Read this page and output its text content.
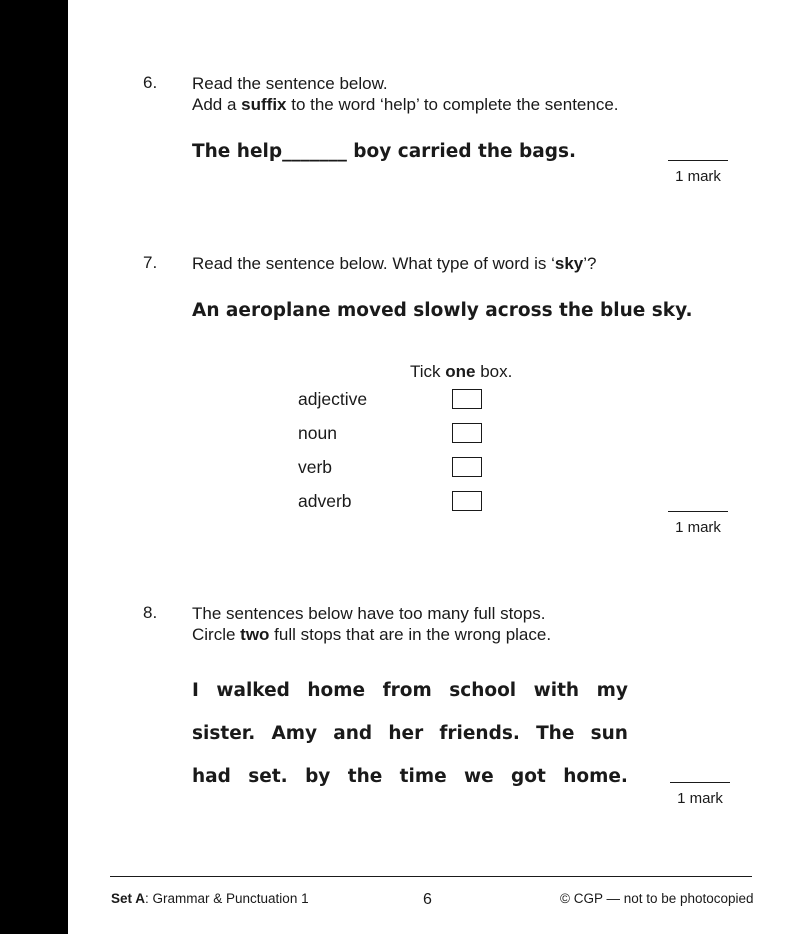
6. Read the sentence below.
Add a suffix to the word ‘help’ to complete the sentence.
The help_______ boy carried the bags.
1 mark
7. Read the sentence below. What type of word is ‘sky’?
An aeroplane moved slowly across the blue sky.
Tick one box.
adjective
noun
verb
adverb
1 mark
8. The sentences below have too many full stops.
Circle two full stops that are in the wrong place.
I walked home from school with my
sister. Amy and her friends. The sun
had set. by the time we got home.
1 mark
Set A: Grammar & Punctuation 1	6	© CGP — not to be photocopied
